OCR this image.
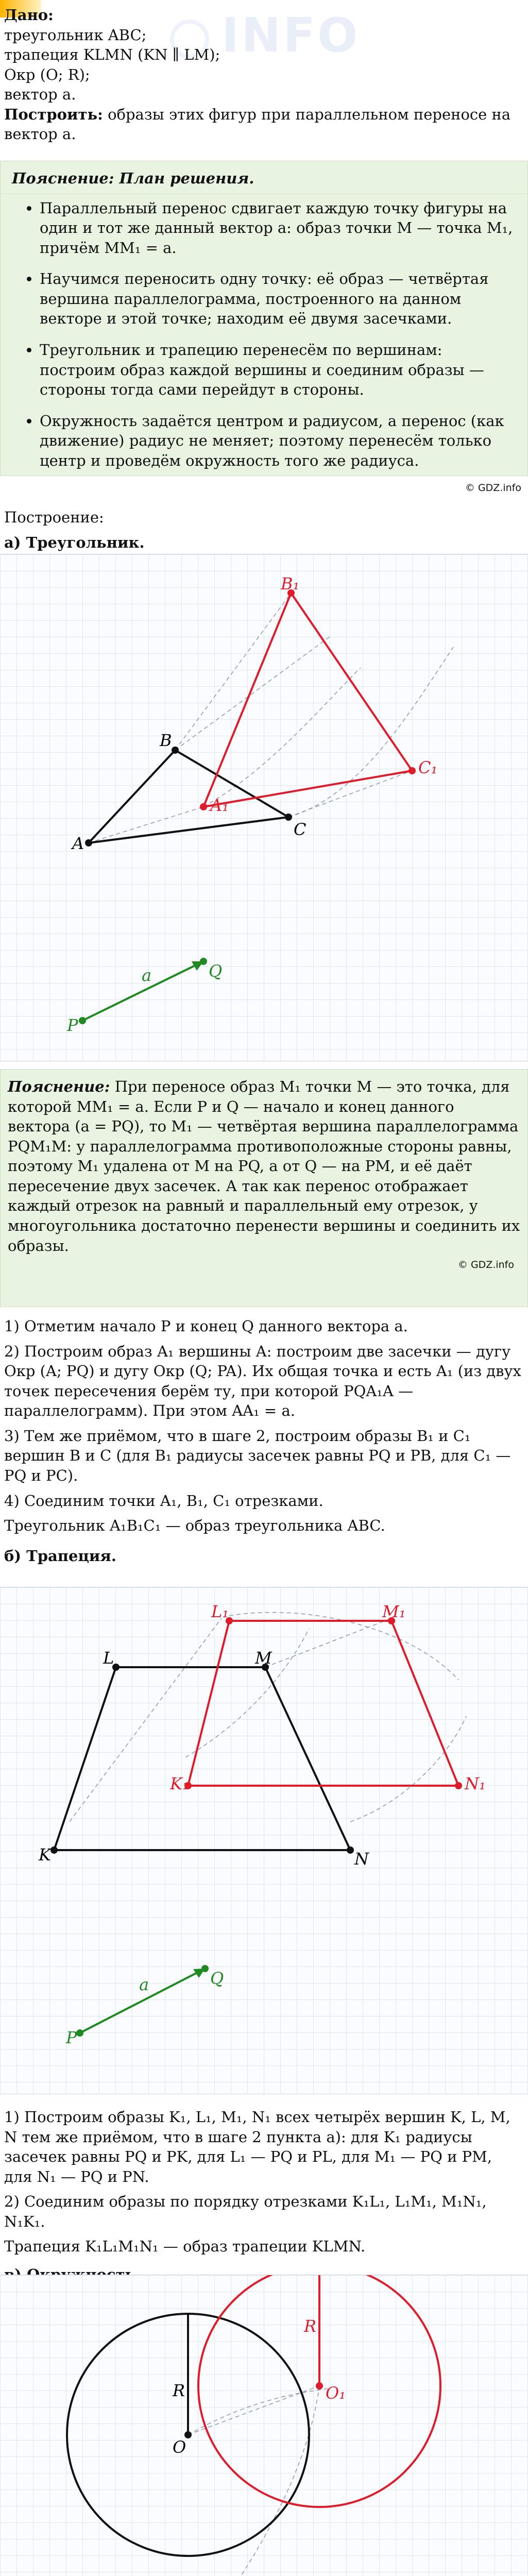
INFO
Дано:
треугольник ABC;
трапеция KLMN (KN ∥ LM);
Окр (O; R);
вектор a.
Построить: образы этих фигур при параллельном переносе на вектор a.
Пояснение: План решения.
• Параллельный перенос сдвигает каждую точку фигуры на один и тот же данный вектор a: образ точки M — точка M₁, причём MM₁ = a.
• Научимся переносить одну точку: её образ — четвёртая вершина параллелограмма, построенного на данном векторе и этой точке; находим её двумя засечками.
• Треугольник и трапецию перенесём по вершинам: построим образ каждой вершины и соединим образы — стороны тогда сами перейдут в стороны.
• Окружность задаётся центром и радиусом, а перенос (как движение) радиус не меняет; поэтому перенесём только центр и проведём окружность того же радиуса.
© GDZ.info

Построение:

а) Треугольник.

A
B
C
A₁
B₁
C₁
P
Q
a

Пояснение: При переносе образ M₁ точки M — это точка, для которой MM₁ = a. Если P и Q — начало и конец данного вектора (a = PQ), то M₁ — четвёртая вершина параллелограмма PQM₁M: у параллелограмма противоположные стороны равны, поэтому M₁ удалена от M на PQ, а от Q — на PM, и её даёт пересечение двух засечек. А так как перенос отображает каждый отрезок на равный и параллельный ему отрезок, у многоугольника достаточно перенести вершины и соединить их образы.

© GDZ.info

1) Отметим начало P и конец Q данного вектора a.

2) Построим образ A₁ вершины A: построим две засечки — дугу Окр (A; PQ) и дугу Окр (Q; PA). Их общая точка и есть A₁ (из двух точек пересечения берём ту, при которой PQA₁A — параллелограмм). При этом AA₁ = a.

3) Тем же приёмом, что в шаге 2, построим образы B₁ и C₁ вершин B и C (для B₁ радиусы засечек равны PQ и PB, для C₁ — PQ и PC).

4) Соединим точки A₁, B₁, C₁ отрезками.

Треугольник A₁B₁C₁ — образ треугольника ABC.

б) Трапеция.

K
L	M
N
K₁
L₁	M₁
N₁
P
Q
a

1) Построим образы K₁, L₁, M₁, N₁ всех четырёх вершин K, L, M, N тем же приёмом, что в шаге 2 пункта а): для K₁ радиусы засечек равны PQ и PK, для L₁ — PQ и PL, для M₁ — PQ и PM, для N₁ — PQ и PN.

2) Соединим образы по порядку отрезками K₁L₁, L₁M₁, M₁N₁, N₁K₁.

Трапеция K₁L₁M₁N₁ — образ трапеции KLMN.

O
O₁
R
R
